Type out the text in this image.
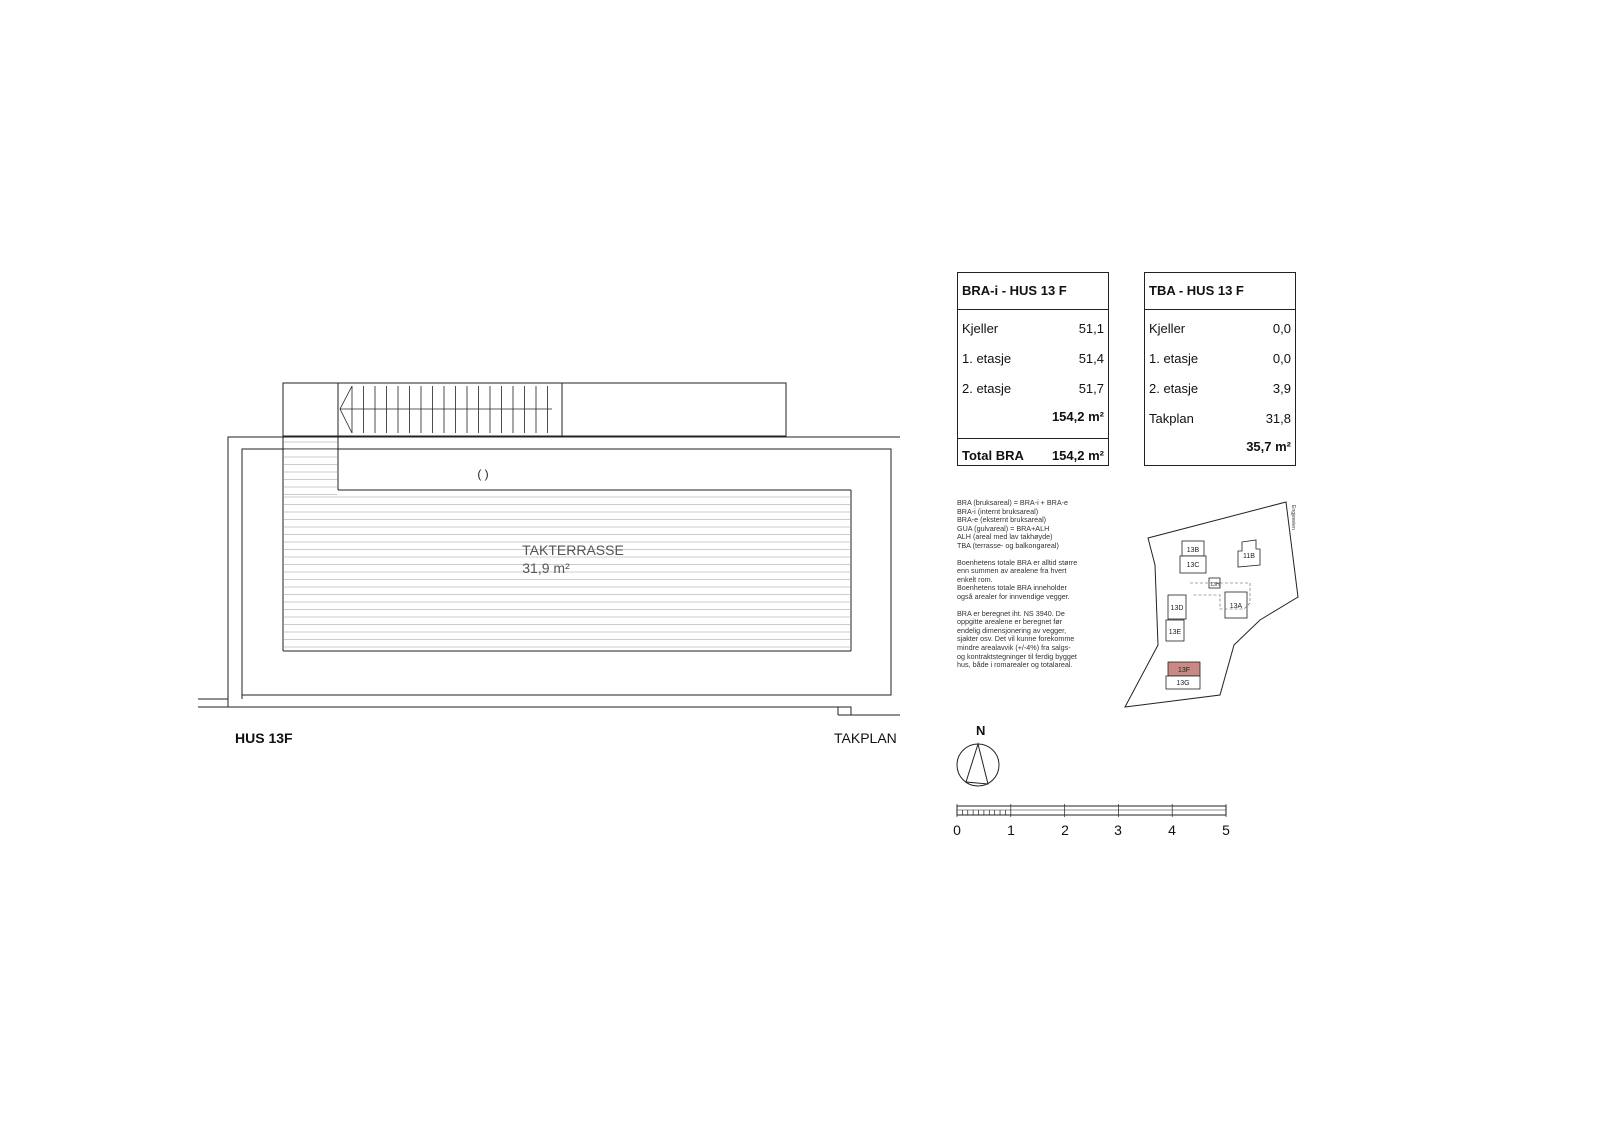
( )
TAKTERRASSE
31,9 m²
HUS 13F	TAKPLAN
BRA-i - HUS 13 F
Kjeller	51,1
1. etasje	51,4
2. etasje	51,7
154,2 m²
Total BRA 154,2 m²
TBA - HUS 13 F
Kjeller	0,0
1. etasje	0,0
2. etasje	3,9
Takplan	31,8
35,7 m²

BRA (bruksareal) = BRA-i + BRA-e

BRA-i (internt bruksareal)

BRA-e (eksternt bruksareal)

GUA (gulvareal) = BRA+ALH

ALH (areal med lav takhøyde)

TBA (terrasse- og balkongareal)

Boenhetens totale BRA er alltid større

enn summen av arealene fra hvert

enkelt rom.

Boenhetens totale BRA inneholder

også arealer for innvendige vegger.

BRA er beregnet iht. NS 3940. De

oppgitte arealene er beregnet før

endelig dimensjonering av vegger,

sjakter osv. Det vil kunne forekomme

mindre arealavvik (+/-4%) fra salgs-

og kontraktstegninger til ferdig bygget

hus, både i romarealer og totalareal.

Engjeveien
13B
13C
11B
13A
13D
13E
13F
13G
13H
N
0	1	2	3	4	5
